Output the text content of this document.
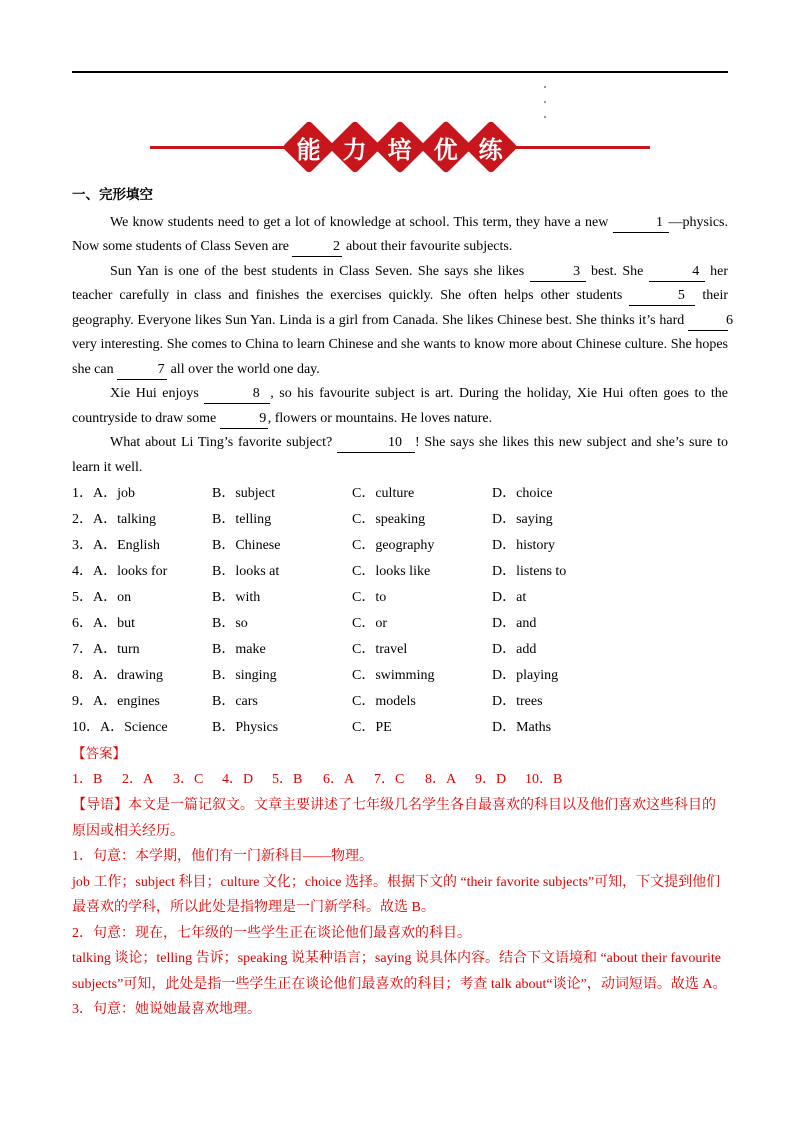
能 力 培 优 练
一、完形填空

We know students need to get a lot of knowledge at school. This term, they have a new	1 —physics. Now some students of Class Seven are	2 about their favourite subjects.

Sun Yan is one of the best students in Class Seven. She says she likes	3 best. She	4 her teacher carefully in class and finishes the exercises quickly. She often helps other students	5 their geography. Everyone likes Sun Yan. Linda is a girl from Canada. She likes Chinese best. She thinks it’s hard	6 very interesting. She comes to China to learn Chinese and she wants to know more about Chinese culture. She hopes she can	7 all over the world one day.

Xie Hui enjoys	8 , so his favourite subject is art. During the holiday, Xie Hui often goes to the countryside to draw some	9 , flowers or mountains. He loves nature.

What about Li Ting’s favorite subject?	10 ! She says she likes this new subject and she’s sure to learn it well.

1．A．job	B．subject	C．culture	D．choice
2．A．talking	B．telling	C．speaking	D．saying
3．A．English	B．Chinese	C．geography	D．history
4．A．looks for	B．looks at	C．looks like	D．listens to
5．A．on	B．with	C．to	D．at
6．A．but	B．so	C．or	D．and
7．A．turn	B．make	C．travel	D．add
8．A．drawing	B．singing	C．swimming	D．playing
9．A．engines	B．cars	C．models	D．trees
10．A．Science	B．Physics	C．PE	D．Maths
【答案】
1．B	2．A	3．C	4．D	5．B	6．A	7．C	8．A	9．D	10．B

【导语】本文是一篇记叙文。文章主要讲述了七年级几名学生各自最喜欢的科目以及他们喜欢这些科目的原因或相关经历。

1．句意：本学期，他们有一门新科目——物理。

job 工作；subject 科目；culture 文化；choice 选择。根据下文的 “their favorite subjects”可知，下文提到他们最喜欢的学科，所以此处是指物理是一门新学科。故选 B。

2．句意：现在，七年级的一些学生正在谈论他们最喜欢的科目。

talking 谈论；telling 告诉；speaking 说某种语言；saying 说具体内容。结合下文语境和 “about their favourite subjects”可知，此处是指一些学生正在谈论他们最喜欢的科目；考查 talk about“谈论”，动词短语。故选 A。

3．句意：她说她最喜欢地理。
